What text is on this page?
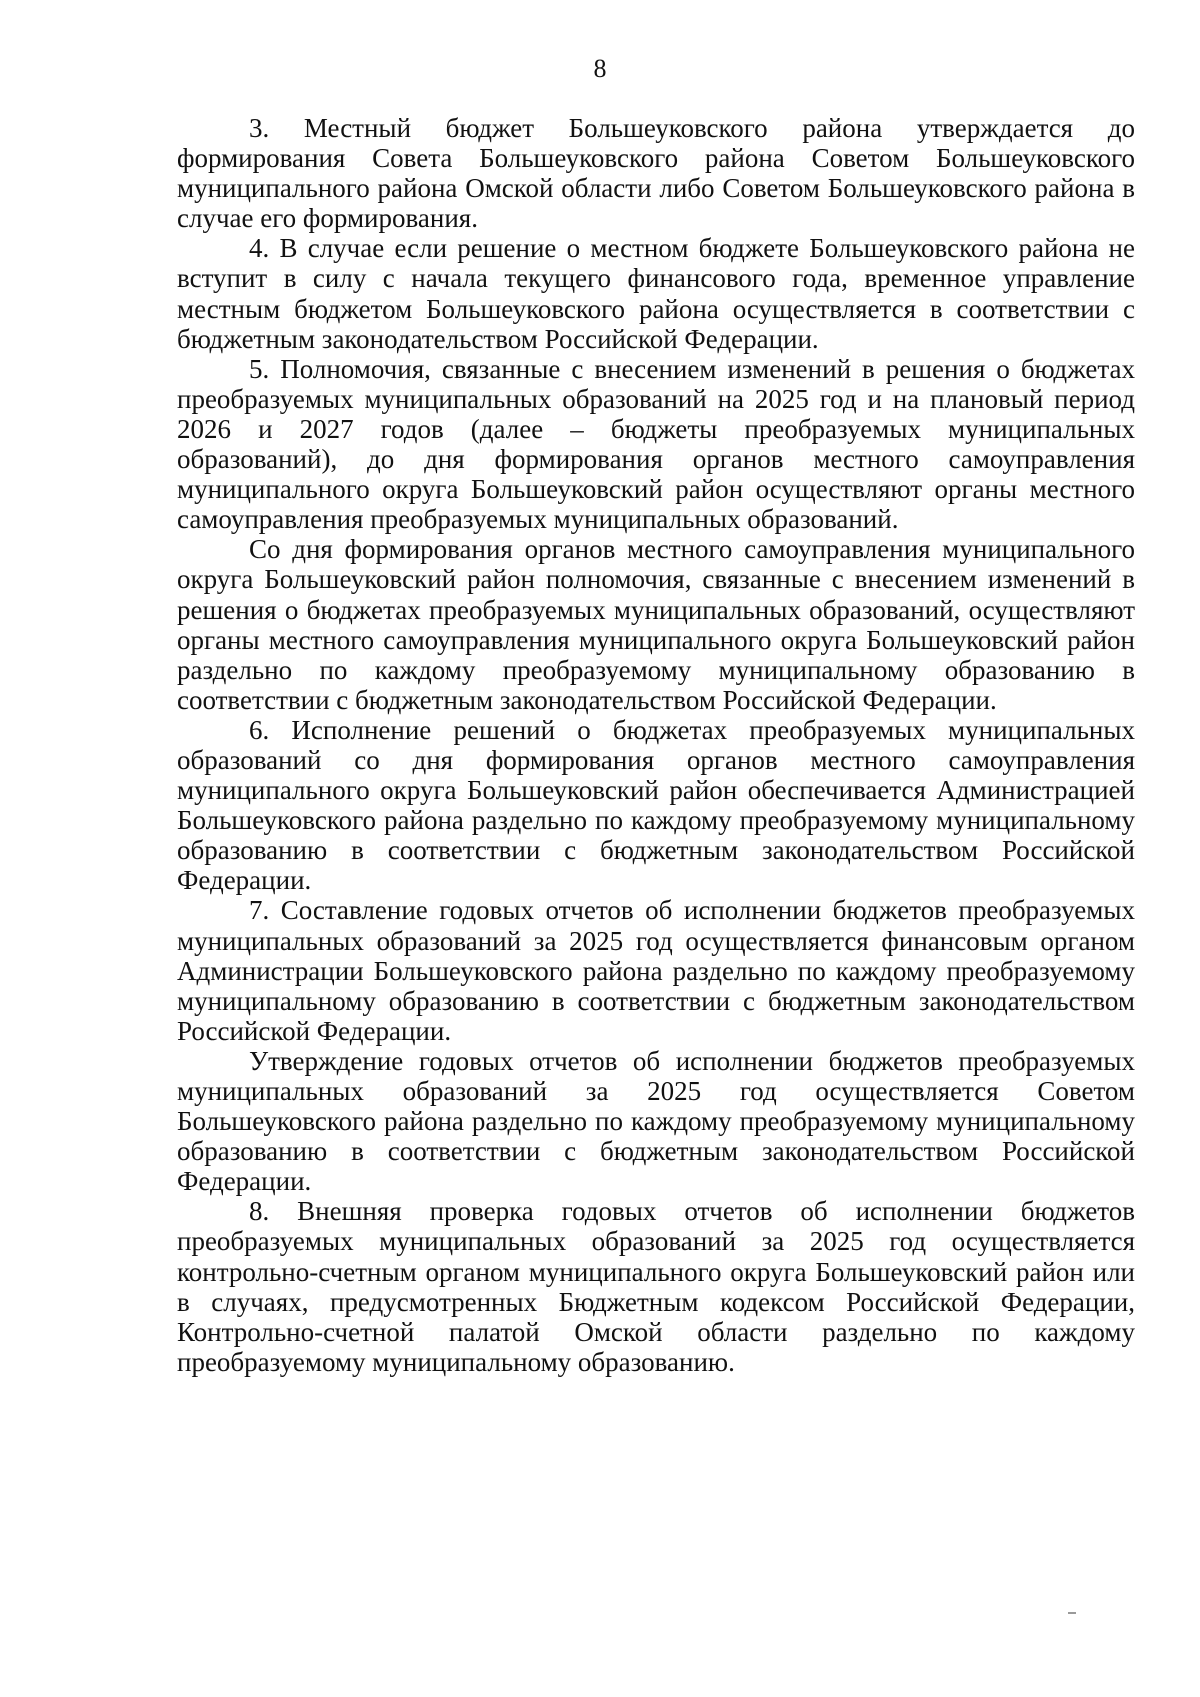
8

3. Местный бюджет Большеуковского района утверждается до формирования Совета Большеуковского района Советом Большеуковского муниципального района Омской области либо Советом Большеуковского района в случае его формирования.

4. В случае если решение о местном бюджете Большеуковского района не вступит в силу с начала текущего финансового года, временное управление местным бюджетом Большеуковского района осуществляется в соответствии с бюджетным законодательством Российской Федерации.

5. Полномочия, связанные с внесением изменений в решения о бюджетах преобразуемых муниципальных образований на 2025 год и на плановый период 2026 и 2027 годов (далее – бюджеты преобразуемых муниципальных образований), до дня формирования органов местного самоуправления муниципального округа Большеуковский район осуществляют органы местного самоуправления преобразуемых муниципальных образований.

Со дня формирования органов местного самоуправления муниципального округа Большеуковский район полномочия, связанные с внесением изменений в решения о бюджетах преобразуемых муниципальных образований, осуществляют органы местного самоуправления муниципального округа Большеуковский район раздельно по каждому преобразуемому муниципальному образованию в соответствии с бюджетным законодательством Российской Федерации.

6. Исполнение решений о бюджетах преобразуемых муниципальных образований со дня формирования органов местного самоуправления муниципального округа Большеуковский район обеспечивается Администрацией Большеуковского района раздельно по каждому преобразуемому муниципальному образованию в соответствии с бюджетным законодательством Российской Федерации.

7. Составление годовых отчетов об исполнении бюджетов преобразуемых муниципальных образований за 2025 год осуществляется финансовым органом Администрации Большеуковского района раздельно по каждому преобразуемому муниципальному образованию в соответствии с бюджетным законодательством Российской Федерации.

Утверждение годовых отчетов об исполнении бюджетов преобразуемых муниципальных образований за 2025 год осуществляется Советом Большеуковского района раздельно по каждому преобразуемому муниципальному образованию в соответствии с бюджетным законодательством Российской Федерации.

8. Внешняя проверка годовых отчетов об исполнении бюджетов преобразуемых муниципальных образований за 2025 год осуществляется контрольно-счетным органом муниципального округа Большеуковский район или в случаях, предусмотренных Бюджетным кодексом Российской Федерации, Контрольно-счетной палатой Омской области раздельно по каждому преобразуемому муниципальному образованию.
